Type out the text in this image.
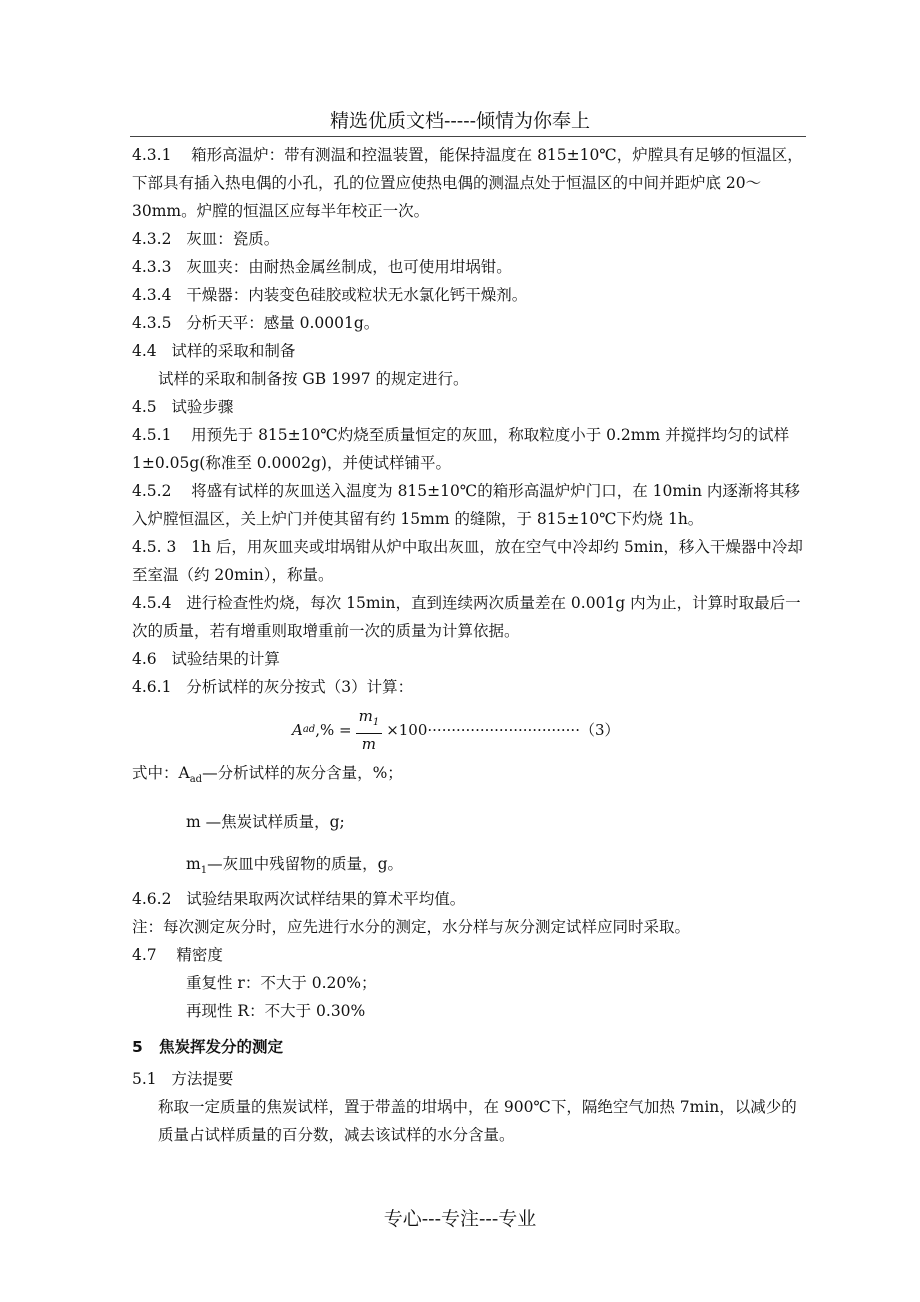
精选优质文档-----倾情为你奉上

4.3.1    箱形高温炉：带有测温和控温装置，能保持温度在 815±10℃，炉膛具有足够的恒温区，下部具有插入热电偶的小孔，孔的位置应使热电偶的测温点处于恒温区的中间并距炉底 20～30mm。炉膛的恒温区应每半年校正一次。

4.3.2   灰皿：瓷质。

4.3.3   灰皿夹：由耐热金属丝制成，也可使用坩埚钳。

4.3.4   干燥器：内装变色硅胶或粒状无水氯化钙干燥剂。

4.3.5   分析天平：感量 0.0001g。

4.4   试样的采取和制备

试样的采取和制备按 GB 1997 的规定进行。

4.5   试验步骤

4.5.1    用预先于 815±10℃灼烧至质量恒定的灰皿，称取粒度小于 0.2mm 并搅拌均匀的试样 1±0.05g(称准至 0.0002g)，并使试样铺平。

4.5.2    将盛有试样的灰皿送入温度为 815±10℃的箱形高温炉炉门口，在 10min 内逐渐将其移入炉膛恒温区，关上炉门并使其留有约 15mm 的缝隙，于 815±10℃下灼烧 1h。

4.5. 3   1h 后，用灰皿夹或坩埚钳从炉中取出灰皿，放在空气中冷却约 5min，移入干燥器中冷却至室温（约 20min），称量。

4.5.4   进行检查性灼烧，每次 15min，直到连续两次质量差在 0.001g 内为止，计算时取最后一次的质量，若有增重则取增重前一次的质量为计算依据。

4.6   试验结果的计算

4.6.1   分析试样的灰分按式（3）计算：

A ad ,% = $\frac{m_1}{m} \times 100$ ································ （3）

式中：$A_{ad}—$分析试样的灰分含量，%；

m —焦炭试样质量，g;

$m_1—$灰皿中残留物的质量，g。

4.6.2   试验结果取两次试样结果的算术平均值。

注：每次测定灰分时，应先进行水分的测定，水分样与灰分测定试样应同时采取。

4.7    精密度

重复性 r：不大于 0.20%；

再现性 R：不大于 0.30%

5   焦炭挥发分的测定

5.1   方法提要

称取一定质量的焦炭试样，置于带盖的坩埚中，在 900℃下，隔绝空气加热 7min，以减少的质量占试样质量的百分数，减去该试样的水分含量。

专心---专注---专业
